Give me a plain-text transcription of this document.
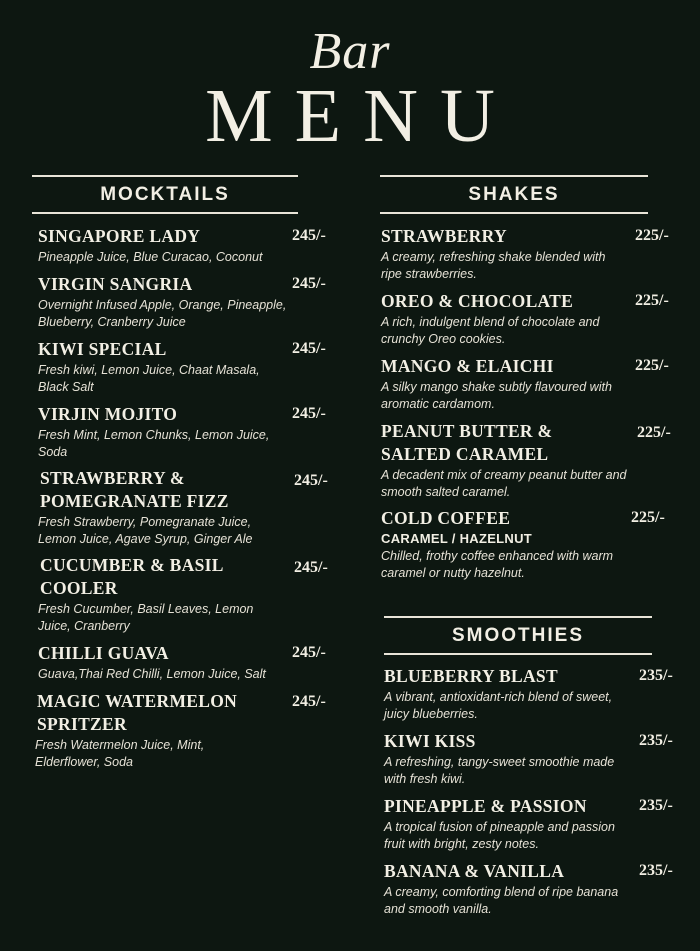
Bar
MENU
MOCKTAILS
SINGAPORE LADY
Pineapple Juice, Blue Curacao, Coconut
245/-
VIRGIN SANGRIA
Overnight Infused Apple, Orange, Pineapple, Blueberry, Cranberry Juice
245/-
KIWI SPECIAL
Fresh kiwi, Lemon Juice, Chaat Masala, Black Salt
245/-
VIRJIN MOJITO
Fresh Mint, Lemon Chunks, Lemon Juice, Soda
245/-
STRAWBERRY & POMEGRANATE FIZZ
Fresh Strawberry, Pomegranate Juice, Lemon Juice, Agave Syrup, Ginger Ale
245/-
CUCUMBER & BASIL COOLER
Fresh Cucumber, Basil Leaves, Lemon Juice, Cranberry
245/-
CHILLI GUAVA
Guava,Thai Red Chilli, Lemon Juice, Salt
245/-
MAGIC WATERMELON SPRITZER
Fresh Watermelon Juice, Mint, Elderflower, Soda
245/-
SHAKES
STRAWBERRY
A creamy, refreshing shake blended with ripe strawberries.
225/-
OREO & CHOCOLATE
A rich, indulgent blend of chocolate and crunchy Oreo cookies.
225/-
MANGO & ELAICHI
A silky mango shake subtly flavoured with aromatic cardamom.
225/-
PEANUT BUTTER & SALTED CARAMEL
A decadent mix of creamy peanut butter and smooth salted caramel.
225/-
COLD COFFEE
CARAMEL / HAZELNUT
Chilled, frothy coffee enhanced with warm caramel or nutty hazelnut.
225/-
SMOOTHIES
BLUEBERRY BLAST
A vibrant, antioxidant-rich blend of sweet, juicy blueberries.
235/-
KIWI KISS
A refreshing, tangy-sweet smoothie made with fresh kiwi.
235/-
PINEAPPLE & PASSION
A tropical fusion of pineapple and passion fruit with bright, zesty notes.
235/-
BANANA & VANILLA
A creamy, comforting blend of ripe banana and smooth vanilla.
235/-
